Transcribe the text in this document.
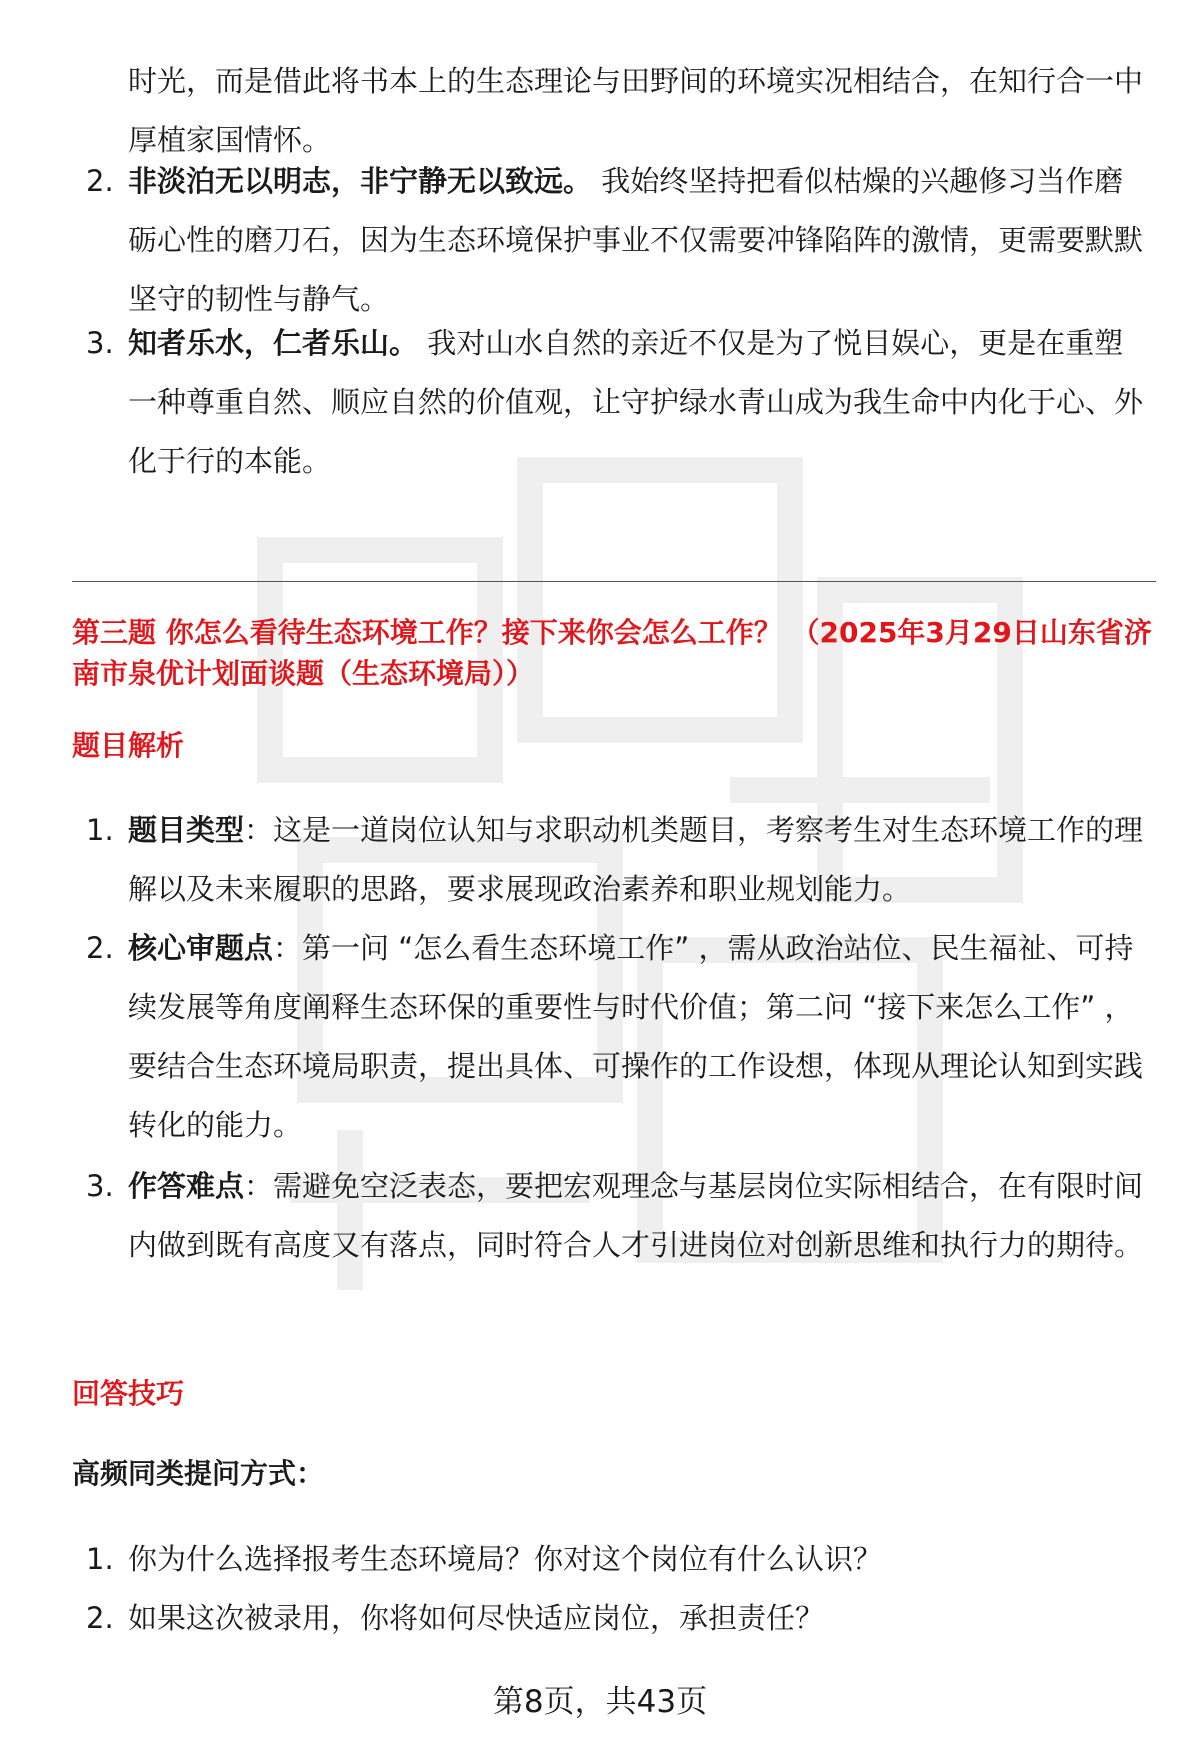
时光，而是借此将书本上的生态理论与田野间的环境实况相结合，在知行合一中厚植家国情怀。
2. 非淡泊无以明志，非宁静无以致远。 我始终坚持把看似枯燥的兴趣修习当作磨砺心性的磨刀石，因为生态环境保护事业不仅需要冲锋陷阵的激情，更需要默默坚守的韧性与静气。
3. 知者乐水，仁者乐山。 我对山水自然的亲近不仅是为了悦目娱心，更是在重塑一种尊重自然、顺应自然的价值观，让守护绿水青山成为我生命中内化于心、外化于行的本能。
第三题 你怎么看待生态环境工作？接下来你会怎么工作？ （2025年3月29日山东省济南市泉优计划面谈题（生态环境局））
题目解析
1. 题目类型：这是一道岗位认知与求职动机类题目，考察考生对生态环境工作的理解以及未来履职的思路，要求展现政治素养和职业规划能力。
2. 核心审题点：第一问 “怎么看生态环境工作” ，需从政治站位、民生福祉、可持续发展等角度阐释生态环保的重要性与时代价值；第二问 “接下来怎么工作” ，要结合生态环境局职责，提出具体、可操作的工作设想，体现从理论认知到实践转化的能力。
3. 作答难点：需避免空泛表态，要把宏观理念与基层岗位实际相结合，在有限时间内做到既有高度又有落点，同时符合人才引进岗位对创新思维和执行力的期待。
回答技巧
高频同类提问方式：
1. 你为什么选择报考生态环境局？你对这个岗位有什么认识？
2. 如果这次被录用，你将如何尽快适应岗位，承担责任？
第8页，共43页
